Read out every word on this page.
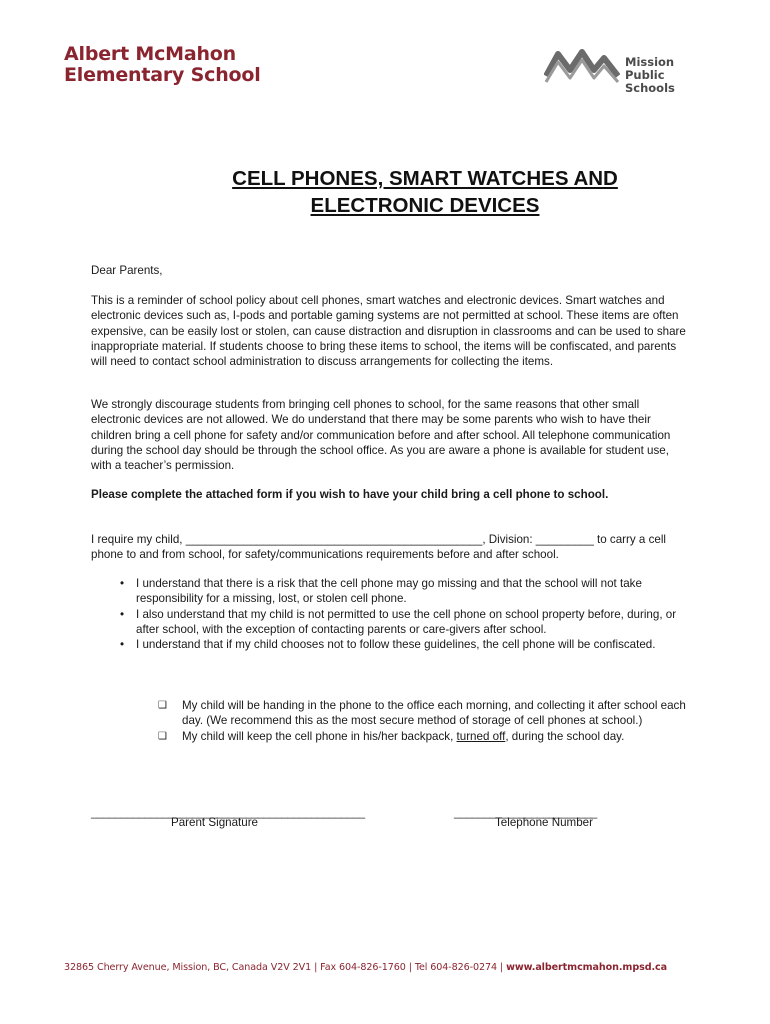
Albert McMahon
Elementary School
Mission
Public Schools
CELL PHONES, SMART WATCHES AND
ELECTRONIC DEVICES

Dear Parents,

This is a reminder of school policy about cell phones, smart watches and electronic devices. Smart watches and electronic devices such as, I-pods and portable gaming systems are not permitted at school. These items are often expensive, can be easily lost or stolen, can cause distraction and disruption in classrooms and can be used to share inappropriate material. If students choose to bring these items to school, the items will be confiscated, and parents will need to contact school administration to discuss arrangements for collecting the items.

We strongly discourage students from bringing cell phones to school, for the same reasons that other small electronic devices are not allowed. We do understand that there may be some parents who wish to have their children bring a cell phone for safety and/or communication before and after school. All telephone communication during the school day should be through the school office. As you are aware a phone is available for student use, with a teacher’s permission.

Please complete the attached form if you wish to have your child bring a cell phone to school.

I require my child, ______________________________________________, Division: _________ to carry a cell phone to and from school, for safety/communications requirements before and after school.

• I understand that there is a risk that the cell phone may go missing and that the school will not take responsibility for a missing, lost, or stolen cell phone.
• I also understand that my child is not permitted to use the cell phone on school property before, during, or after school, with the exception of contacting parents or care-givers after school.
• I understand that if my child chooses not to follow these guidelines, the cell phone will be confiscated.
❑ My child will be handing in the phone to the office each morning, and collecting it after school each day. (We recommend this as the most secure method of storage of cell phones at school.)
❑ My child will keep the cell phone in his/her backpack, turned off, during the school day.
______________________________________________	________________________
Parent Signature	Telephone Number
32865 Cherry Avenue, Mission, BC, Canada V2V 2V1 | Fax 604-826-1760 | Tel 604-826-0274 | www.albertmcmahon.mpsd.ca
